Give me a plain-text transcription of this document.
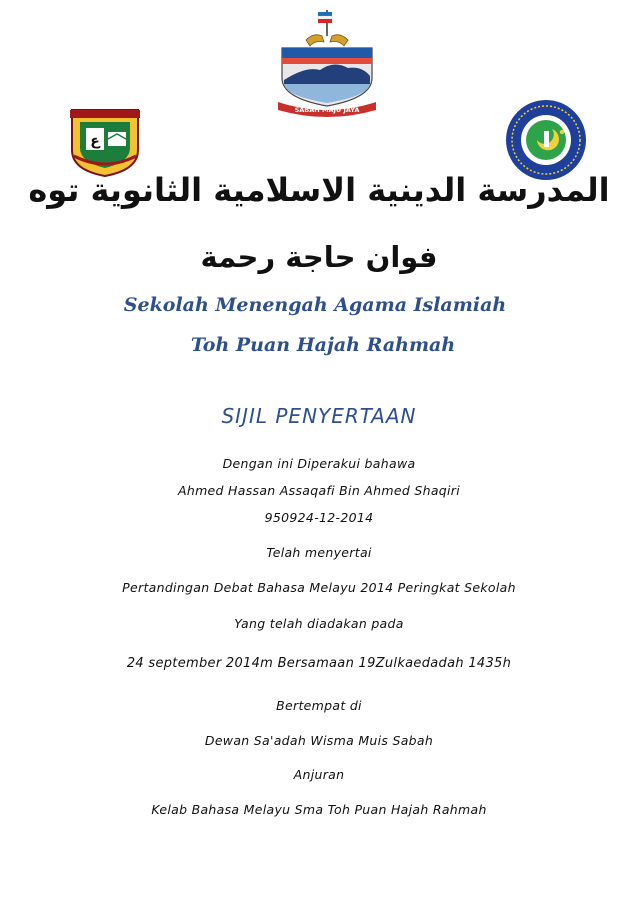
SABAH MAJU JAYA
ع
المدرسة الدينية الاسلامية الثانوية توه
فوان حاجة رحمة
Sekolah Menengah Agama Islamiah
Toh Puan Hajah Rahmah
SIJIL PENYERTAAN
Dengan ini Diperakui bahawa
Ahmed Hassan Assaqafi Bin Ahmed Shaqiri
950924-12-2014
Telah menyertai
Pertandingan Debat Bahasa Melayu 2014 Peringkat Sekolah
Yang telah diadakan pada
24 september 2014m Bersamaan 19Zulkaedadah 1435h
Bertempat di
Dewan Sa'adah Wisma Muis Sabah
Anjuran
Kelab Bahasa Melayu Sma Toh Puan Hajah Rahmah
